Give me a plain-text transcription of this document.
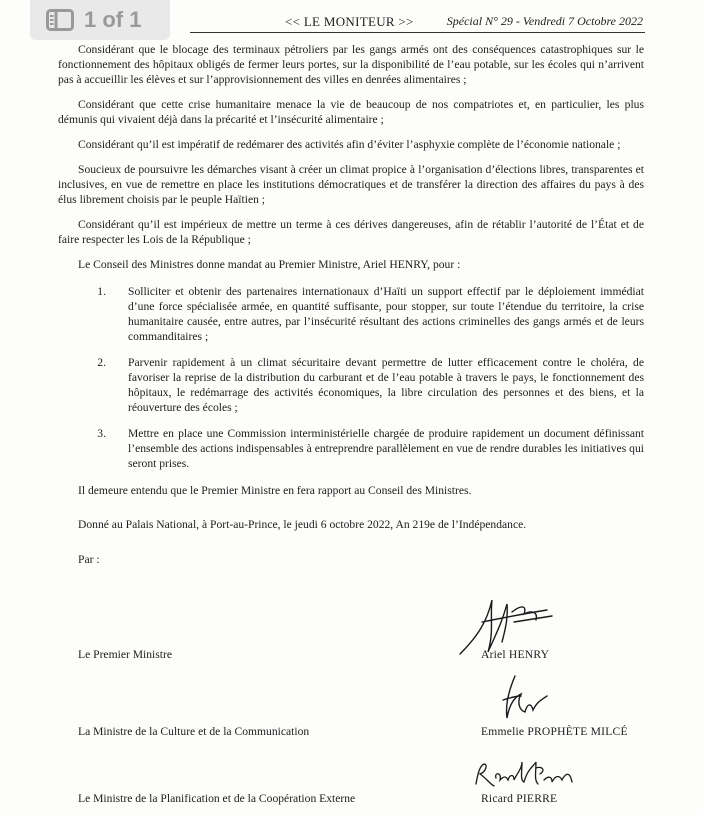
1 of 1	<< LE MONITEUR >>	Spécial N° 29 - Vendredi 7 Octobre 2022

Considérant que le blocage des terminaux pétroliers par les gangs armés ont des conséquences catastrophiques sur le fonctionnement des hôpitaux obligés de fermer leurs portes, sur la disponibilité de l’eau potable, sur les écoles qui n’arrivent pas à accueillir les élèves et sur l’approvisionnement des villes en denrées alimentaires ;

Considérant que cette crise humanitaire menace la vie de beaucoup de nos compatriotes et, en particulier, les plus démunis qui vivaient déjà dans la précarité et l’insécurité alimentaire ;

Considérant qu’il est impératif de redémarer des activités afin d’éviter l’asphyxie complète de l’économie nationale ;

Soucieux de poursuivre les démarches visant à créer un climat propice à l’organisation d’élections libres, transparentes et inclusives, en vue de remettre en place les institutions démocratiques et de transférer la direction des affaires du pays à des élus librement choisis par le peuple Haïtien ;

Considérant qu’il est impérieux de mettre un terme à ces dérives dangereuses, afin de rétablir l’autorité de l’État et de faire respecter les Lois de la République ;

Le Conseil des Ministres donne mandat au Premier Ministre, Ariel HENRY, pour :

1.	Solliciter et obtenir des partenaires internationaux d’Haïti un support effectif par le déploiement immédiat d’une force spécialisée armée, en quantité suffisante, pour stopper, sur toute l’étendue du territoire, la crise humanitaire causée, entre autres, par l’insécurité résultant des actions criminelles des gangs armés et de leurs commanditaires ;
2.	Parvenir rapidement à un climat sécuritaire devant permettre de lutter efficacement contre le choléra, de favoriser la reprise de la distribution du carburant et de l’eau potable à travers le pays, le fonctionnement des hôpitaux, le redémarrage des activités économiques, la libre circulation des personnes et des biens, et la réouverture des écoles ;
3.	Mettre en place une Commission interministérielle chargée de produire rapidement un document définissant l’ensemble des actions indispensables à entreprendre parallèlement en vue de rendre durables les initiatives qui seront prises.

Il demeure entendu que le Premier Ministre en fera rapport au Conseil des Ministres.

Donné au Palais National, à Port-au-Prince, le jeudi 6 octobre 2022, An 219e de l’Indépendance.

Par :

Le Premier Ministre	Ariel HENRY
La Ministre de la Culture et de la Communication	Emmelie PROPHÈTE MILCÉ
Le Ministre de la Planification et de la Coopération Externe	Ricard PIERRE
